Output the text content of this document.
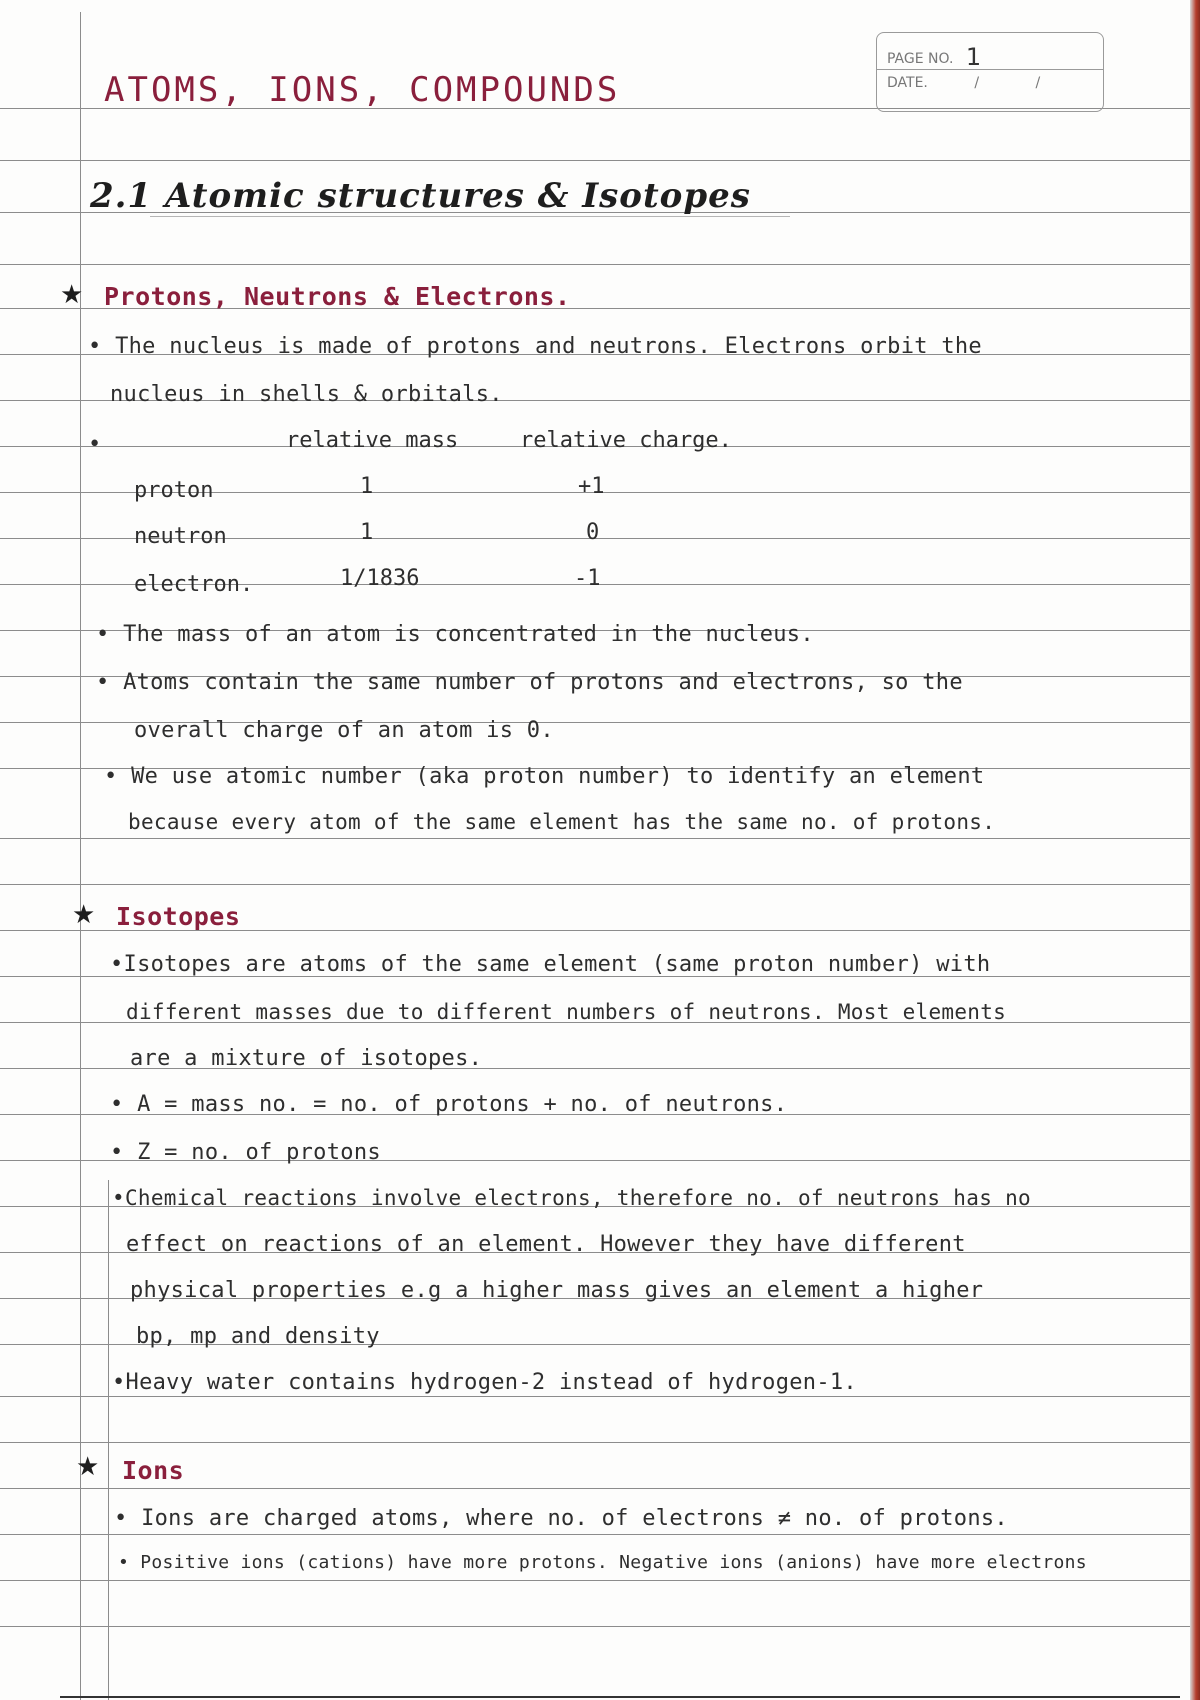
PAGE NO. 1
DATE.	/	/
ATOMS, IONS, COMPOUNDS
2.1 Atomic structures & Isotopes
★ Protons, Neutrons & Electrons.
• The nucleus is made of protons and neutrons. Electrons orbit the
nucleus in shells & orbitals.
•	relative mass	relative charge.
proton	1	+1
neutron	1	0
electron.	1/1836	-1
• The mass of an atom is concentrated in the nucleus.
• Atoms contain the same number of protons and electrons, so the
overall charge of an atom is 0.
• We use atomic number (aka proton number) to identify an element
because every atom of the same element has the same no. of protons.
★ Isotopes
•Isotopes are atoms of the same element (same proton number) with
different masses due to different numbers of neutrons. Most elements
are a mixture of isotopes.
• A = mass no. = no. of protons + no. of neutrons.
• Z = no. of protons
•Chemical reactions involve electrons, therefore no. of neutrons has no
effect on reactions of an element. However they have different
physical properties e.g a higher mass gives an element a higher
bp, mp and density
•Heavy water contains hydrogen-2 instead of hydrogen-1.
★ Ions
• Ions are charged atoms, where no. of electrons ≠ no. of protons.
• Positive ions (cations) have more protons. Negative ions (anions) have more electrons
